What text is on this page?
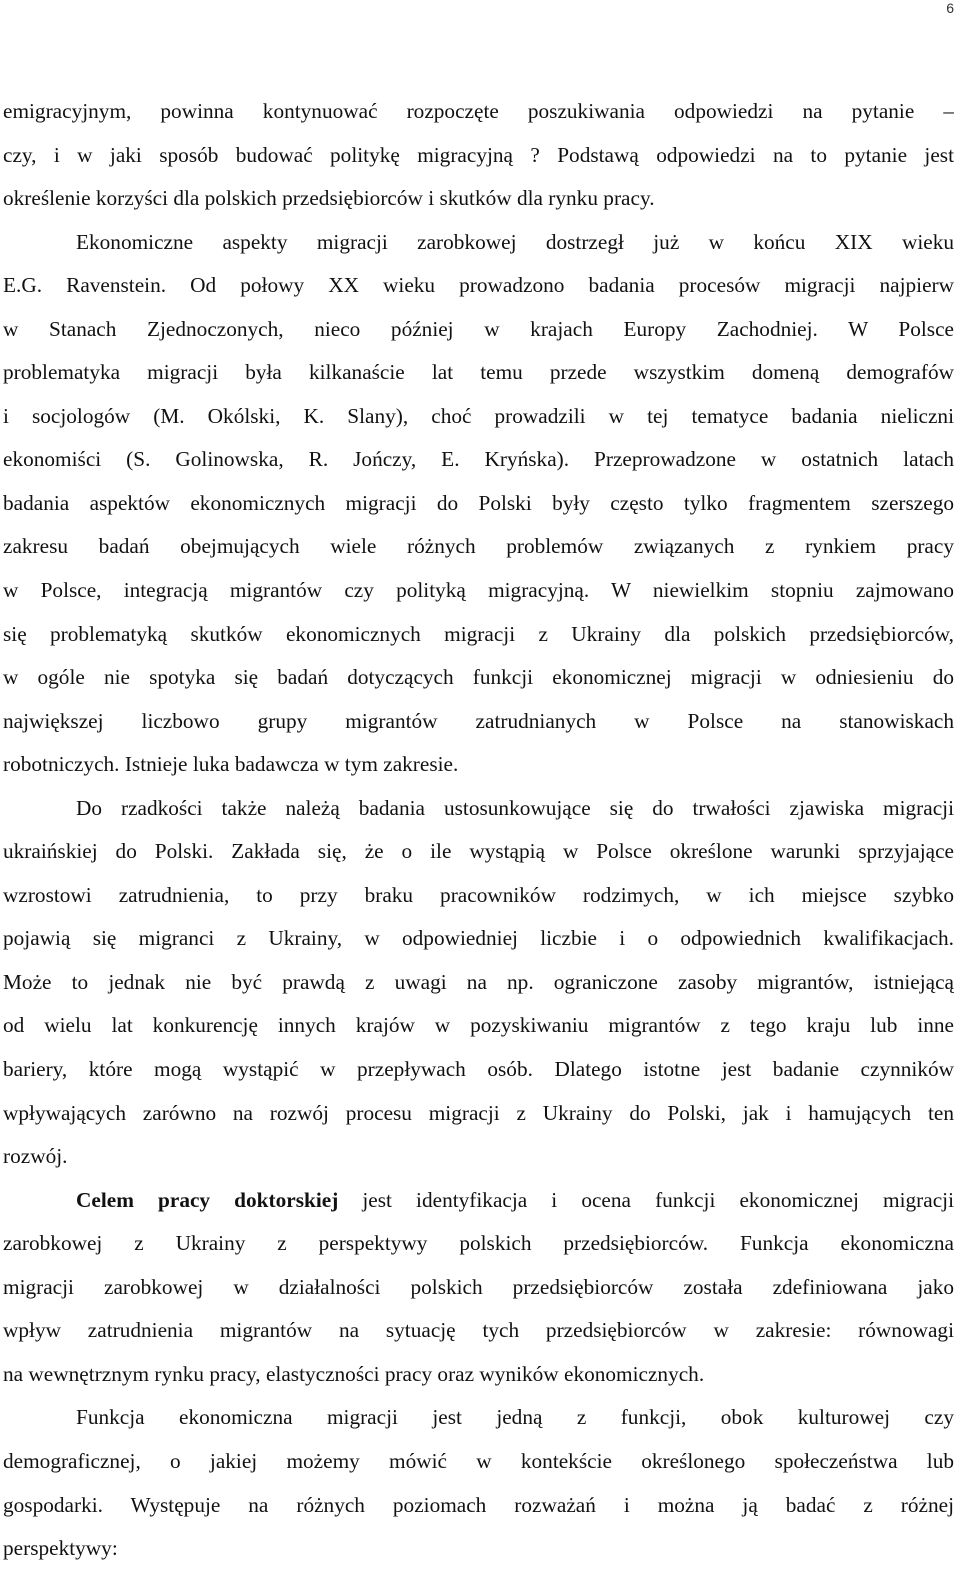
6
emigracyjnym, powinna kontynuować rozpoczęte poszukiwania odpowiedzi na pytanie –
czy, i w jaki sposób budować politykę migracyjną ? Podstawą odpowiedzi na to pytanie jest
określenie korzyści dla polskich przedsiębiorców i skutków dla rynku pracy.
Ekonomiczne aspekty migracji zarobkowej dostrzegł już w końcu XIX wieku
E.G. Ravenstein. Od połowy XX wieku prowadzono badania procesów migracji najpierw
w Stanach Zjednoczonych, nieco później w krajach Europy Zachodniej. W Polsce
problematyka migracji była kilkanaście lat temu przede wszystkim domeną demografów
i socjologów (M. Okólski, K. Slany), choć prowadzili w tej tematyce badania nieliczni
ekonomiści (S. Golinowska, R. Jończy, E. Kryńska). Przeprowadzone w ostatnich latach
badania aspektów ekonomicznych migracji do Polski były często tylko fragmentem szerszego
zakresu badań obejmujących wiele różnych problemów związanych z rynkiem pracy
w Polsce, integracją migrantów czy polityką migracyjną. W niewielkim stopniu zajmowano
się problematyką skutków ekonomicznych migracji z Ukrainy dla polskich przedsiębiorców,
w ogóle nie spotyka się badań dotyczących funkcji ekonomicznej migracji w odniesieniu do
największej liczbowo grupy migrantów zatrudnianych w Polsce na stanowiskach
robotniczych. Istnieje luka badawcza w tym zakresie.
Do rzadkości także należą badania ustosunkowujące się do trwałości zjawiska migracji
ukraińskiej do Polski. Zakłada się, że o ile wystąpią w Polsce określone warunki sprzyjające
wzrostowi zatrudnienia, to przy braku pracowników rodzimych, w ich miejsce szybko
pojawią się migranci z Ukrainy, w odpowiedniej liczbie i o odpowiednich kwalifikacjach.
Może to jednak nie być prawdą z uwagi na np. ograniczone zasoby migrantów, istniejącą
od wielu lat konkurencję innych krajów w pozyskiwaniu migrantów z tego kraju lub inne
bariery, które mogą wystąpić w przepływach osób. Dlatego istotne jest badanie czynników
wpływających zarówno na rozwój procesu migracji z Ukrainy do Polski, jak i hamujących ten
rozwój.
Celem pracy doktorskiej jest identyfikacja i ocena funkcji ekonomicznej migracji
zarobkowej z Ukrainy z perspektywy polskich przedsiębiorców. Funkcja ekonomiczna
migracji zarobkowej w działalności polskich przedsiębiorców została zdefiniowana jako
wpływ zatrudnienia migrantów na sytuację tych przedsiębiorców w zakresie: równowagi
na wewnętrznym rynku pracy, elastyczności pracy oraz wyników ekonomicznych.
Funkcja ekonomiczna migracji jest jedną z funkcji, obok kulturowej czy
demograficznej, o jakiej możemy mówić w kontekście określonego społeczeństwa lub
gospodarki. Występuje na różnych poziomach rozważań i można ją badać z różnej
perspektywy:
